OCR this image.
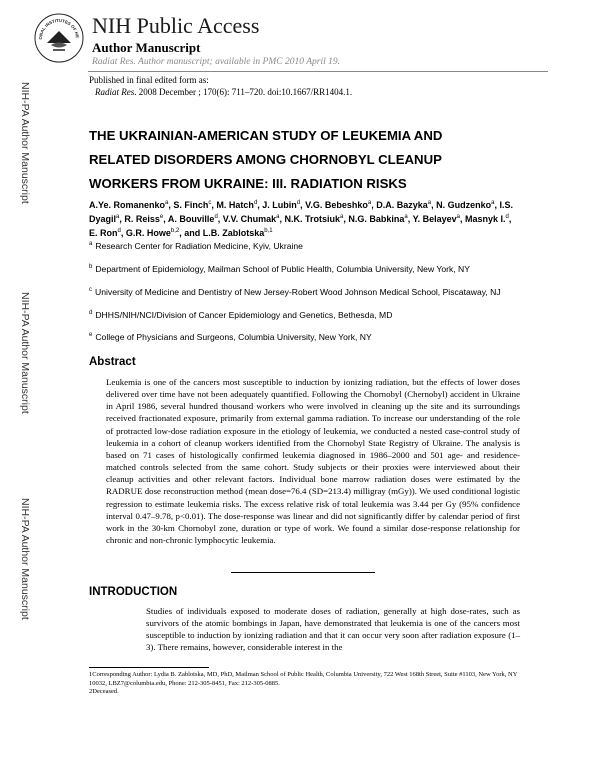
ONAL INSTITUTES OF HE NIH Public Access
Author Manuscript
Radiat Res. Author manuscript; available in PMC 2010 April 19.
Published in final edited form as:
Radiat Res. 2008 December ; 170(6): 711–720. doi:10.1667/RR1404.1.
NIH-PA Author Manuscript
NIH-PA Author Manuscript
NIH-PA Author Manuscript
THE UKRAINIAN-AMERICAN STUDY OF LEUKEMIA AND
RELATED DISORDERS AMONG CHORNOBYL CLEANUP
WORKERS FROM UKRAINE: III. RADIATION RISKS
A.Ye. Romanenko$^a$, S. Finch$^c$, M. Hatch$^d$, J. Lubin$^d$, V.G. Bebeshko$^a$, D.A. Bazyka$^a$, N. Gudzenko$^a$, I.S. Dyagil$^a$, R. Reiss$^e$, A. Bouville$^d$, V.V. Chumak$^a$, N.K. Trotsiuk$^a$, N.G. Babkina$^a$, Y. Belayev$^a$, Masnyk I.$^d$, E. Ron$^d$, G.R. Howe$^{b,2}$, and L.B. Zablotska$^{b,1}$
$^a$ Research Center for Radiation Medicine, Kyiv, Ukraine
$^b$ Department of Epidemiology, Mailman School of Public Health, Columbia University, New York, NY
$^c$ University of Medicine and Dentistry of New Jersey-Robert Wood Johnson Medical School, Piscataway, NJ
$^d$ DHHS/NIH/NCI/Division of Cancer Epidemiology and Genetics, Bethesda, MD
$^e$ College of Physicians and Surgeons, Columbia University, New York, NY
Abstract
Leukemia is one of the cancers most susceptible to induction by ionizing radiation, but the effects of lower doses delivered over time have not been adequately quantified. Following the Chornobyl (Chernobyl) accident in Ukraine in April 1986, several hundred thousand workers who were involved in cleaning up the site and its surroundings received fractionated exposure, primarily from external gamma radiation. To increase our understanding of the role of protracted low-dose radiation exposure in the etiology of leukemia, we conducted a nested case-control study of leukemia in a cohort of cleanup workers identified from the Chornobyl State Registry of Ukraine. The analysis is based on 71 cases of histologically confirmed leukemia diagnosed in 1986–2000 and 501 age- and residence-matched controls selected from the same cohort. Study subjects or their proxies were interviewed about their cleanup activities and other relevant factors. Individual bone marrow radiation doses were estimated by the RADRUE dose reconstruction method (mean dose=76.4 (SD=213.4) milligray (mGy)). We used conditional logistic regression to estimate leukemia risks. The excess relative risk of total leukemia was 3.44 per Gy (95% confidence interval 0.47–9.78, p<0.01). The dose-response was linear and did not significantly differ by calendar period of first work in the 30-km Chornobyl zone, duration or type of work. We found a similar dose-response relationship for chronic and non-chronic lymphocytic leukemia.
INTRODUCTION
Studies of individuals exposed to moderate doses of radiation, generally at high dose-rates, such as survivors of the atomic bombings in Japan, have demonstrated that leukemia is one of the cancers most susceptible to induction by ionizing radiation and that it can occur very soon after radiation exposure (1–3). There remains, however, considerable interest in the
1Corresponding Author: Lydia B. Zablotska, MD, PhD, Mailman School of Public Health, Columbia University, 722 West 168th Street, Suite #1103, New York, NY 10032, LBZ7@columbia.edu, Phone: 212-305-8451, Fax: 212-305-0885.
2Deceased.
